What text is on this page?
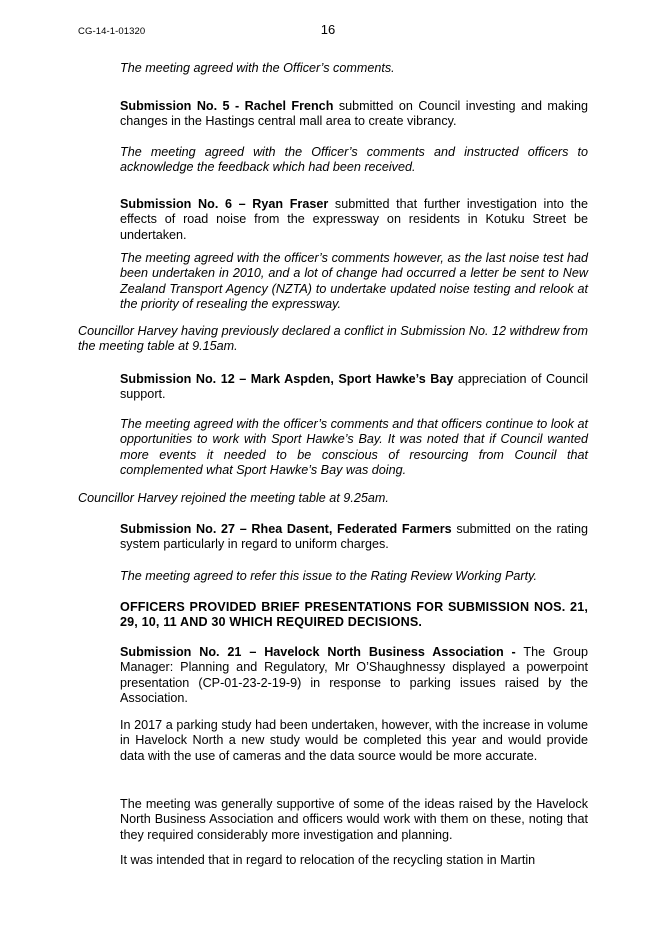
CG-14-1-01320	16

The meeting agreed with the Officer’s comments.

Submission No. 5 - Rachel French submitted on Council investing and making changes in the Hastings central mall area to create vibrancy.

The meeting agreed with the Officer’s comments and instructed officers to acknowledge the feedback which had been received.

Submission No. 6 – Ryan Fraser submitted that further investigation into the effects of road noise from the expressway on residents in Kotuku Street be undertaken.

The meeting agreed with the officer’s comments however, as the last noise test had been undertaken in 2010, and a lot of change had occurred a letter be sent to New Zealand Transport Agency (NZTA) to undertake updated noise testing and relook at the priority of resealing the expressway.

Councillor Harvey having previously declared a conflict in Submission No. 12 withdrew from the meeting table at 9.15am.

Submission No. 12 – Mark Aspden, Sport Hawke’s Bay appreciation of Council support.

The meeting agreed with the officer’s comments and that officers continue to look at opportunities to work with Sport Hawke’s Bay. It was noted that if Council wanted more events it needed to be conscious of resourcing from Council that complemented what Sport Hawke’s Bay was doing.

Councillor Harvey rejoined the meeting table at 9.25am.

Submission No. 27 – Rhea Dasent, Federated Farmers submitted on the rating system particularly in regard to uniform charges.

The meeting agreed to refer this issue to the Rating Review Working Party.

OFFICERS PROVIDED BRIEF PRESENTATIONS FOR SUBMISSION NOS. 21, 29, 10, 11 AND 30 WHICH REQUIRED DECISIONS.

Submission No. 21 – Havelock North Business Association - The Group Manager: Planning and Regulatory, Mr O’Shaughnessy displayed a powerpoint presentation (CP-01-23-2-19-9) in response to parking issues raised by the Association.

In 2017 a parking study had been undertaken, however, with the increase in volume in Havelock North a new study would be completed this year and would provide data with the use of cameras and the data source would be more accurate.

The meeting was generally supportive of some of the ideas raised by the Havelock North Business Association and officers would work with them on these, noting that they required considerably more investigation and planning.

It was intended that in regard to relocation of the recycling station in Martin
